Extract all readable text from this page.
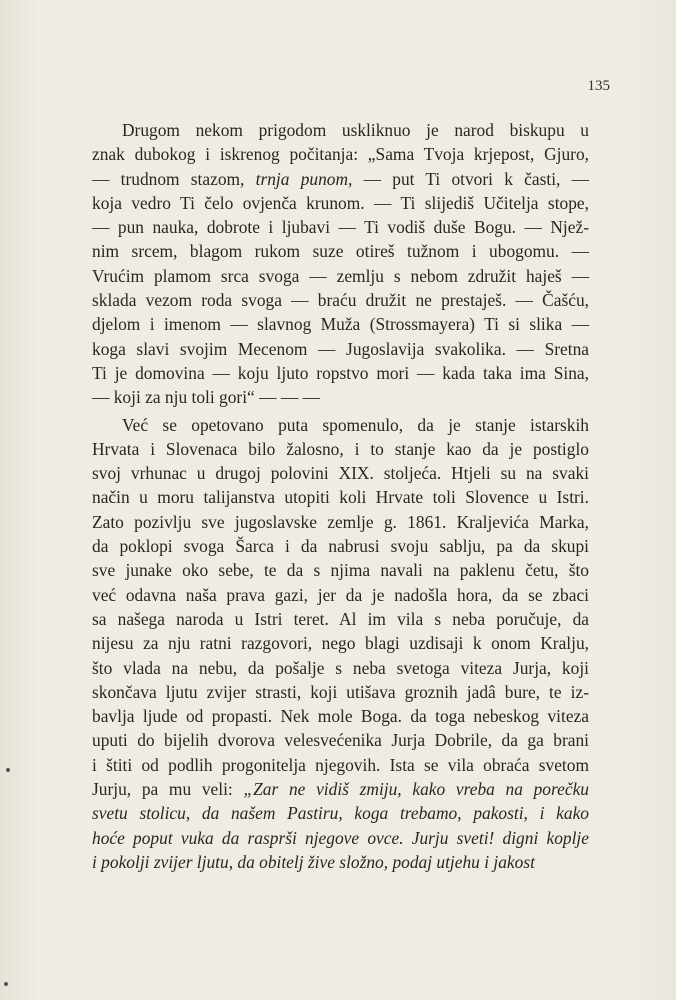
135
Drugom nekom prigodom uskliknuo je narod biskupu u
znak dubokog i iskrenog počitanja: „Sama Tvoja krjepost, Gjuro,
— trudnom stazom, trnja punom, — put Ti otvori k časti, —
koja vedro Ti čelo ovjenča krunom. — Ti slijediš Učitelja stope,
— pun nauka, dobrote i ljubavi — Ti vodiš duše Bogu. — Njež-
nim srcem, blagom rukom suze otireš tužnom i ubogomu. —
Vrućim plamom srca svoga — zemlju s nebom združit haješ —
sklada vezom roda svoga — braću družit ne prestaješ. — Čašću,
djelom i imenom — slavnog Muža (Strossmayera) Ti si slika —
koga slavi svojim Mecenom — Jugoslavija svakolika. — Sretna
Ti je domovina — koju ljuto ropstvo mori — kada taka ima Sina,
— koji za nju toli gori“ — — —
Već se opetovano puta spomenulo, da je stanje istarskih
Hrvata i Slovenaca bilo žalosno, i to stanje kao da je postiglo
svoj vrhunac u drugoj polovini XIX. stoljeća. Htjeli su na svaki
način u moru talijanstva utopiti koli Hrvate toli Slovence u Istri.
Zato pozivlju sve jugoslavske zemlje g. 1861. Kraljevića Marka,
da poklopi svoga Šarca i da nabrusi svoju sablju, pa da skupi
sve junake oko sebe, te da s njima navali na paklenu četu, što
već odavna naša prava gazi, jer da je nadošla hora, da se zbaci
sa našega naroda u Istri teret. Al im vila s neba poručuje, da
nijesu za nju ratni razgovori, nego blagi uzdisaji k onom Kralju,
što vlada na nebu, da pošalje s neba svetoga viteza Jurja, koji
skončava ljutu zvijer strasti, koji utišava groznih jadâ bure, te iz-
bavlja ljude od propasti. Nek mole Boga. da toga nebeskog viteza
uputi do bijelih dvorova velesvećenika Jurja Dobrile, da ga brani
i štiti od podlih progonitelja njegovih. Ista se vila obraća svetom
Jurju, pa mu veli: „Zar ne vidiš zmiju, kako vreba na porečku
svetu stolicu, da našem Pastiru, koga trebamo, pakosti, i kako
hoće poput vuka da rasprši njegove ovce. Jurju sveti! digni koplje
i pokolji zvijer ljutu, da obitelj žive složno, podaj utjehu i jakost
